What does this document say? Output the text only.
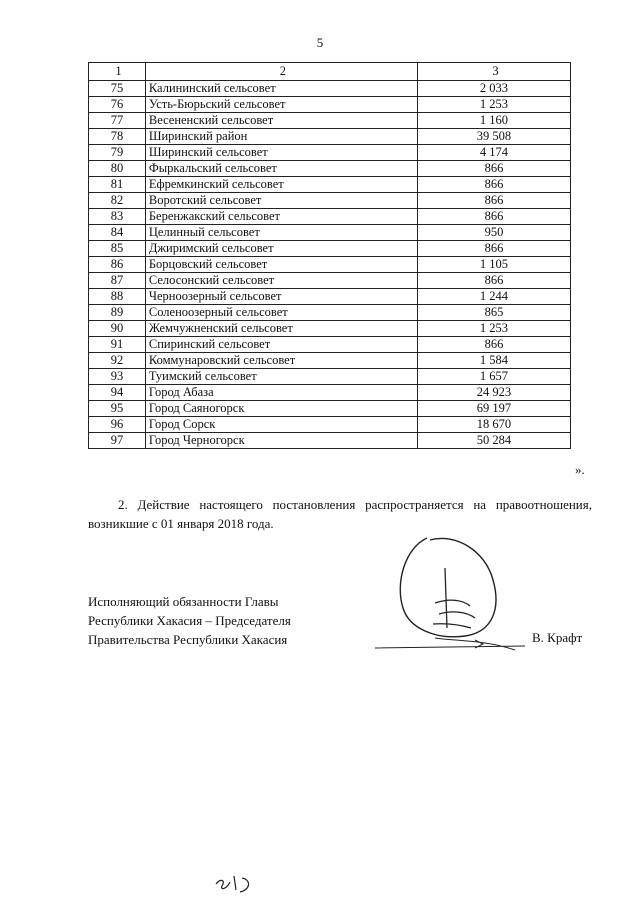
5
1	2	3
75	Калининский сельсовет	2 033
76	Усть-Бюрьский сельсовет	1 253
77	Весененский сельсовет	1 160
78	Ширинский район	39 508
79	Ширинский сельсовет	4 174
80	Фыркальский сельсовет	866
81	Ефремкинский сельсовет	866
82	Воротский сельсовет	866
83	Беренжакский сельсовет	866
84	Целинный сельсовет	950
85	Джиримский сельсовет	866
86	Борцовский сельсовет	1 105
87	Селосонский сельсовет	866
88	Черноозерный сельсовет	1 244
89	Соленоозерный сельсовет	865
90	Жемчужненский сельсовет	1 253
91	Спиринский сельсовет	866
92	Коммунаровский сельсовет	1 584
93	Туимский сельсовет	1 657
94	Город Абаза	24 923
95	Город Саяногорск	69 197
96	Город Сорск	18 670
97	Город Черногорск	50 284
».
2. Действие настоящего постановления распространяется на правоотношения, возникшие с 01 января 2018 года.
Исполняющий обязанности Главы
Республики Хакасия – Председателя
Правительства Республики Хакасия	В. Крафт
